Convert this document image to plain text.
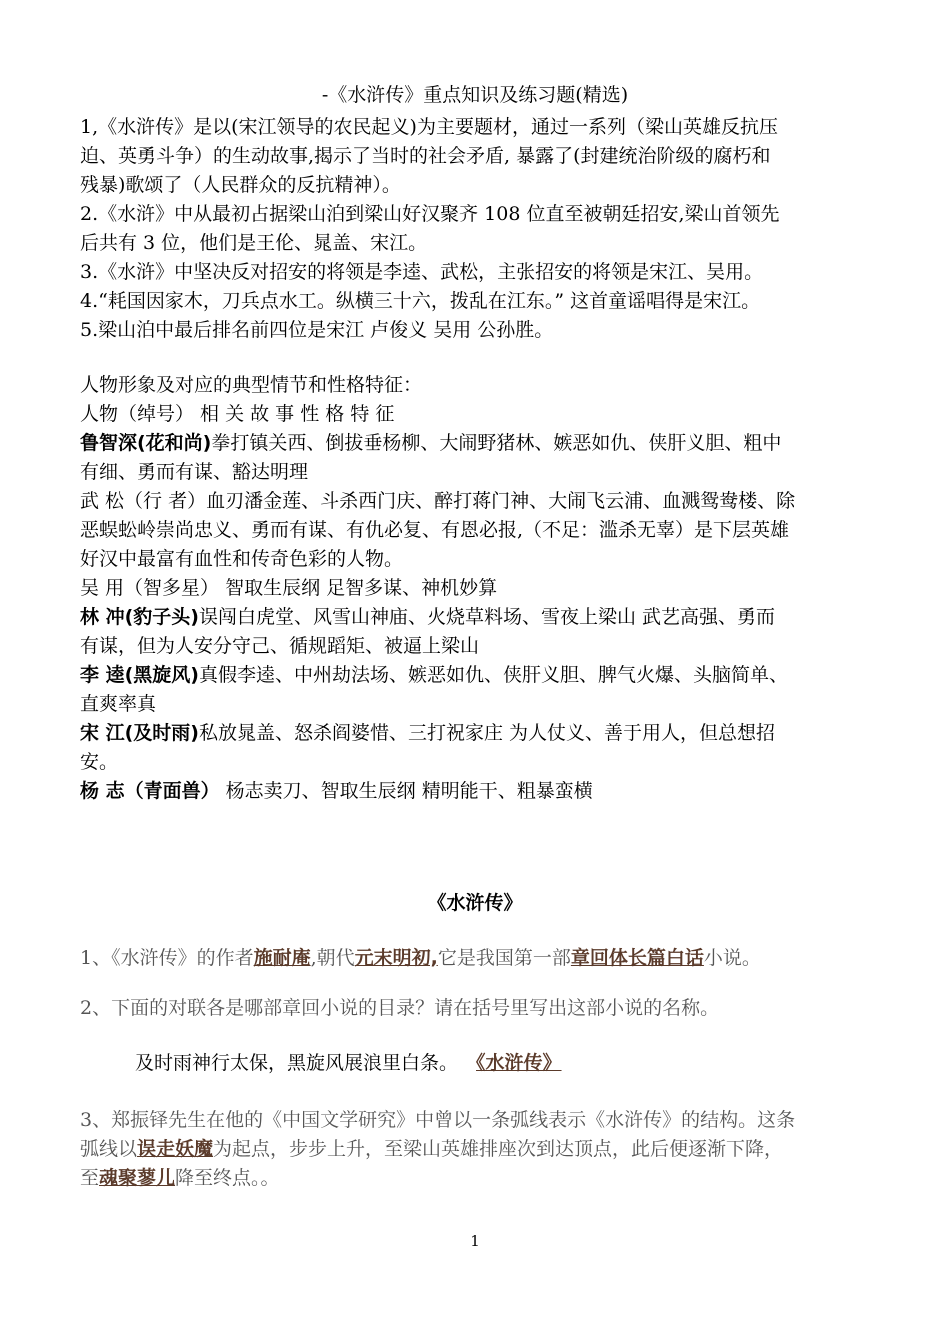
-《水浒传》重点知识及练习题(精选)
1,《水浒传》是以(宋江领导的农民起义)为主要题材，通过一系列（梁山英雄反抗压
迫、英勇斗争）的生动故事,揭示了当时的社会矛盾, 暴露了(封建统治阶级的腐朽和
残暴)歌颂了（人民群众的反抗精神）。
2.《水浒》中从最初占据梁山泊到梁山好汉聚齐 108 位直至被朝廷招安,梁山首领先
后共有 3 位，他们是王伦、晁盖、宋江。
3.《水浒》中坚决反对招安的将领是李逵、武松，主张招安的将领是宋江、吴用。
4.“耗国因家木，刀兵点水工。纵横三十六，拨乱在江东。” 这首童谣唱得是宋江。
5.梁山泊中最后排名前四位是宋江 卢俊义 吴用 公孙胜。
人物形象及对应的典型情节和性格特征：
人物（绰号） 相 关 故 事 性 格 特 征
鲁智深(花和尚)拳打镇关西、倒拔垂杨柳、大闹野猪林、嫉恶如仇、侠肝义胆、粗中
有细、勇而有谋、豁达明理
武 松（行 者）血刃潘金莲、斗杀西门庆、醉打蒋门神、大闹飞云浦、血溅鸳鸯楼、除
恶蜈蚣岭崇尚忠义、勇而有谋、有仇必复、有恩必报,（不足：滥杀无辜）是下层英雄
好汉中最富有血性和传奇色彩的人物。
吴 用（智多星） 智取生辰纲 足智多谋、神机妙算
林 冲(豹子头)误闯白虎堂、风雪山神庙、火烧草料场、雪夜上梁山 武艺高强、勇而
有谋，但为人安分守己、循规蹈矩、被逼上梁山
李 逵(黑旋风)真假李逵、中州劫法场、嫉恶如仇、侠肝义胆、脾气火爆、头脑简单、
直爽率真
宋 江(及时雨)私放晁盖、怒杀阎婆惜、三打祝家庄 为人仗义、善于用人，但总想招
安。
杨 志（青面兽） 杨志卖刀、智取生辰纲 精明能干、粗暴蛮横
《水浒传》
1、《水浒传》的作者施耐庵,朝代元末明初,它是我国第一部章回体长篇白话小说。
2、下面的对联各是哪部章回小说的目录？请在括号里写出这部小说的名称。
及时雨神行太保，黑旋风展浪里白条。 《水浒传》
3、郑振铎先生在他的《中国文学研究》中曾以一条弧线表示《水浒传》的结构。这条
弧线以误走妖魔为起点，步步上升，至梁山英雄排座次到达顶点，此后便逐渐下降，
至魂聚蓼儿降至终点。。
1
